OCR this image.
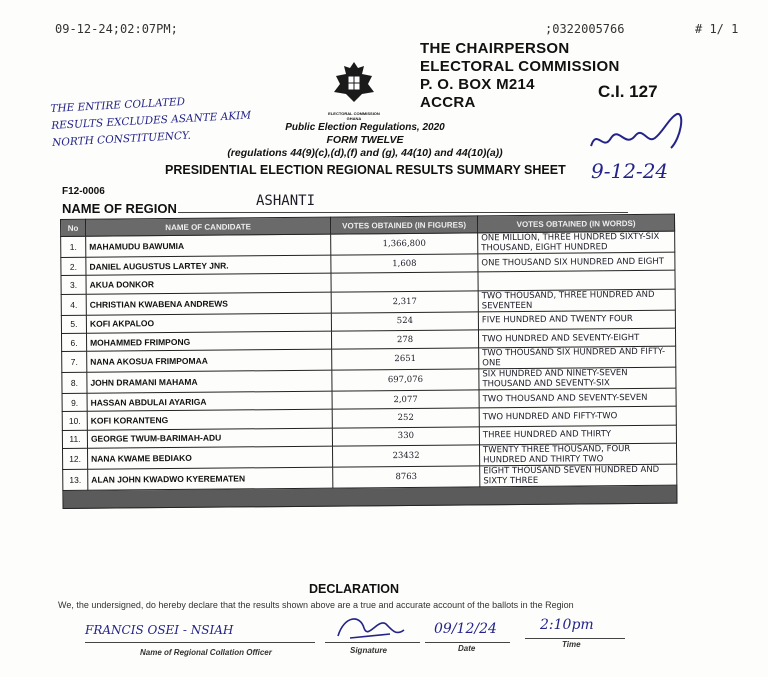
09-12-24;02:07PM;	;0322005766	# 1/ 1
ELECTORAL COMMISSION GHANA
THE CHAIRPERSON
ELECTORAL COMMISSION
P. O. BOX M214
ACCRA
C.I. 127
THE ENTIRE COLLATED
RESULTS EXCLUDES ASANTE AKIM
NORTH CONSTITUENCY.
9-12-24
Public Election Regulations, 2020
FORM TWELVE
(regulations 44(9)(c),(d),(f) and (g), 44(10) and 44(10)(a))
PRESIDENTIAL ELECTION REGIONAL RESULTS SUMMARY SHEET
F12-0006
NAME OF REGION	ASHANTI
No	NAME OF CANDIDATE	VOTES OBTAINED (IN FIGURES)	VOTES OBTAINED (IN WORDS)
1.	MAHAMUDU BAWUMIA	1,366,800	ONE MILLION, THREE HUNDRED SIXTY-SIX THOUSAND, EIGHT HUNDRED
2.	DANIEL AUGUSTUS LARTEY JNR.	1,608	ONE THOUSAND SIX HUNDRED AND EIGHT
3.	AKUA DONKOR		
4.	CHRISTIAN KWABENA ANDREWS	2,317	TWO THOUSAND, THREE HUNDRED AND SEVENTEEN
5.	KOFI AKPALOO	524	FIVE HUNDRED AND TWENTY FOUR
6.	MOHAMMED FRIMPONG	278	TWO HUNDRED AND SEVENTY-EIGHT
7.	NANA AKOSUA FRIMPOMAA	2651	TWO THOUSAND SIX HUNDRED AND FIFTY-ONE
8.	JOHN DRAMANI MAHAMA	697,076	SIX HUNDRED AND NINETY-SEVEN THOUSAND AND SEVENTY-SIX
9.	HASSAN ABDULAI AYARIGA	2,077	TWO THOUSAND AND SEVENTY-SEVEN
10.	KOFI KORANTENG	252	TWO HUNDRED AND FIFTY-TWO
11.	GEORGE TWUM-BARIMAH-ADU	330	THREE HUNDRED AND THIRTY
12.	NANA KWAME BEDIAKO	23432	TWENTY THREE THOUSAND, FOUR HUNDRED AND THIRTY TWO
13.	ALAN JOHN KWADWO KYEREMATEN	8763	EIGHT THOUSAND SEVEN HUNDRED AND SIXTY THREE

DECLARATION
We, the undersigned, do hereby declare that the results shown above are a true and accurate account of the ballots in the Region
FRANCIS OSEI - NSIAH
Name of Regional Collation Officer	Signature
09/12/24
Date
2:10pm
Time
